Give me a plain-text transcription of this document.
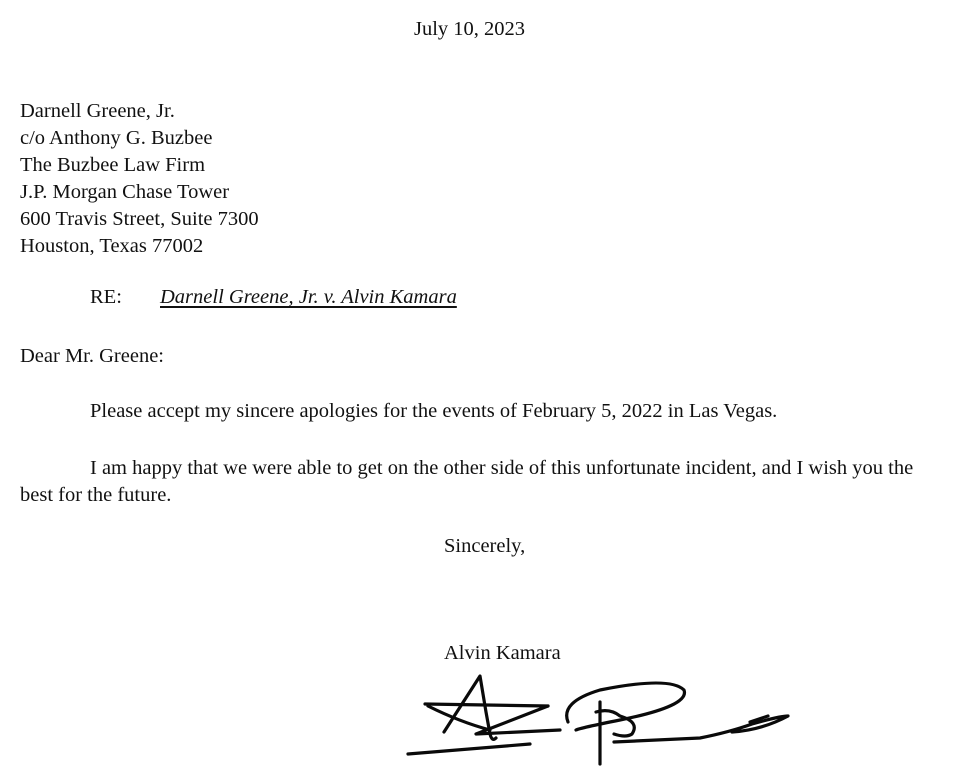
July 10, 2023
Darnell Greene, Jr.
c/o Anthony G. Buzbee
The Buzbee Law Firm
J.P. Morgan Chase Tower
600 Travis Street, Suite 7300
Houston, Texas 77002
RE: Darnell Greene, Jr. v. Alvin Kamara
Dear Mr. Greene:
Please accept my sincere apologies for the events of February 5, 2022 in Las Vegas.
I am happy that we were able to get on the other side of this unfortunate incident, and I wish you the best for the future.
Sincerely,
Alvin Kamara
